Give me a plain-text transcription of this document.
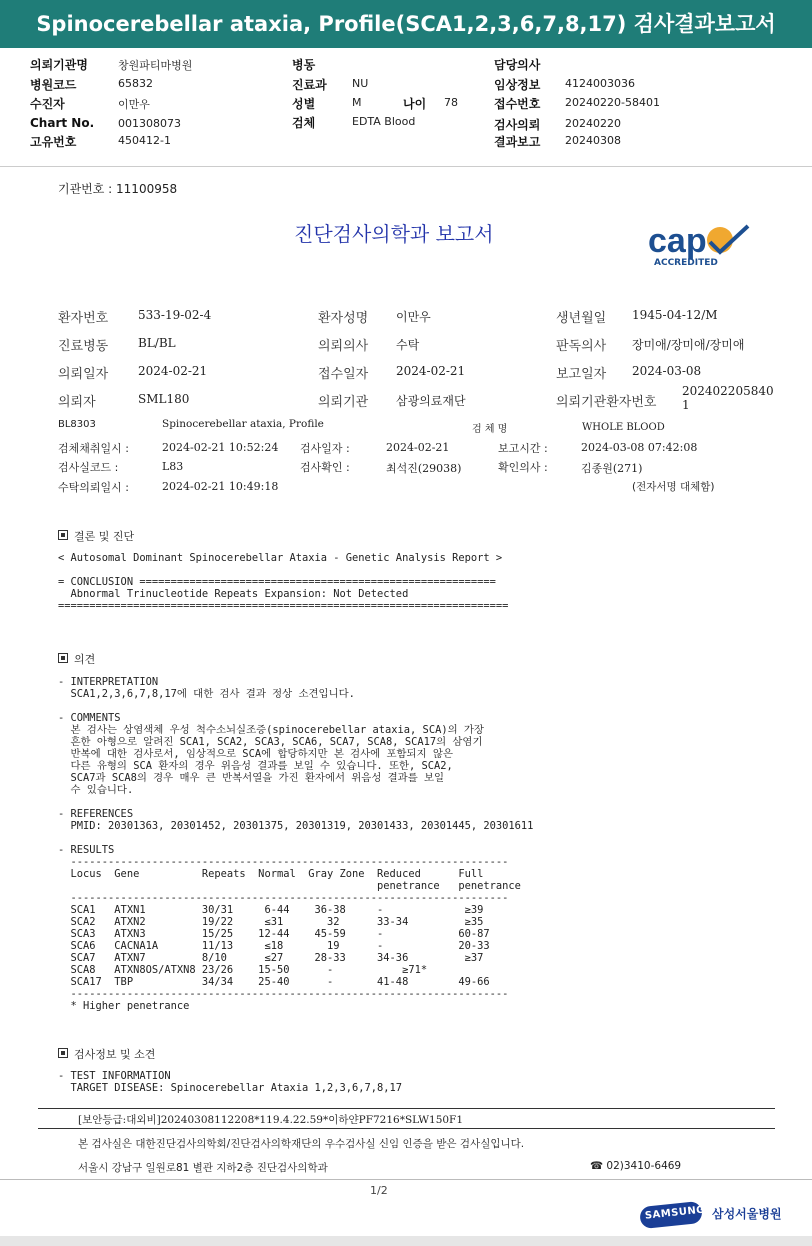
Spinocerebellar ataxia, Profile(SCA1,2,3,6,7,8,17) 검사결과보고서
의뢰기관명	창원파티마병원
병원코드	65832
수진자	이만우
Chart No. 001308073
고유번호	450412-1
병동
진료과 NU
성별	M	나이 78
검체	EDTA Blood
담당의사
임상정보 4124003036
접수번호 20240220-58401
검사의뢰 20240220
결과보고 20240308
기관번호 : 11100958
진단검사의학과 보고서	cap
ACCREDITED
환자번호 533-19-02-4	환자성명 이만우	생년월일 1945-04-12/M
진료병동 BL/BL	의뢰의사 수탁	판독의사 장미애/장미애/장미애
의뢰일자 2024-02-21	접수일자 2024-02-21	보고일자 2024-03-08
의뢰자	SML180	의뢰기관 삼광의료재단	의뢰기관환자번호
202402205840
1
BL8303	Spinocerebellar ataxia, Profile	검 체 명	WHOLE BLOOD
검체채취일시 :	2024-02-21 10:52:24 검사일자 :	2024-02-21	보고시간 :	2024-03-08 07:42:08
검사실코드 :	L83	검사확인 :	최석진(29038)	확인의사 :	김종원(271)
수탁의뢰일시 :	2024-02-21 10:49:18	(전자서명 대체함)
결론 및 진단
< Autosomal Dominant Spinocerebellar Ataxia - Genetic Analysis Report >

= CONCLUSION =========================================================
Abnormal Trinucleotide Repeats Expansion: Not Detected
========================================================================
의견
- INTERPRETATION
SCA1,2,3,6,7,8,17에 대한 검사 결과 정상 소견입니다.

- COMMENTS
본 검사는 상염색체 우성 척수소뇌실조증(spinocerebellar ataxia, SCA)의 가장
흔한 아형으로 알려진 SCA1, SCA2, SCA3, SCA6, SCA7, SCA8, SCA17의 삼염기
반복에 대한 검사로서, 임상적으로 SCA에 합당하지만 본 검사에 포함되지 않은
다른 유형의 SCA 환자의 경우 위음성 결과를 보일 수 있습니다. 또한, SCA2,
SCA7과 SCA8의 경우 매우 큰 반복서열을 가진 환자에서 위음성 결과를 보일
수 있습니다.

- REFERENCES
PMID: 20301363, 20301452, 20301375, 20301319, 20301433, 20301445, 20301611

- RESULTS
----------------------------------------------------------------------
Locus  Gene          Repeats  Normal  Gray Zone  Reduced      Full
penetrance   penetrance
----------------------------------------------------------------------
SCA1   ATXN1         30/31     6-44    36-38     -             ≥39
SCA2   ATXN2         19/22     ≤31       32      33-34         ≥35
SCA3   ATXN3         15/25    12-44    45-59     -            60-87
SCA6   CACNA1A       11/13     ≤18       19      -            20-33
SCA7   ATXN7         8/10      ≤27     28-33     34-36         ≥37
SCA8   ATXN8OS/ATXN8 23/26    15-50      -           ≥71*
SCA17  TBP           34/34    25-40      -       41-48        49-66
----------------------------------------------------------------------
* Higher penetrance
검사정보 및 소견
- TEST INFORMATION
TARGET DISEASE: Spinocerebellar Ataxia 1,2,3,6,7,8,17
[보안등급:대외비]20240308112208*119.4.22.59*이하얀PF7216*SLW150F1
본 검사실은 대한진단검사의학회/진단검사의학재단의 우수검사실 신임 인증을 받은 검사실입니다.
서울시 강남구 일원로81 별관 지하2층 진단검사의학과	☎ 02)3410-6469
1/2
SAMSUNG 삼성서울병원
